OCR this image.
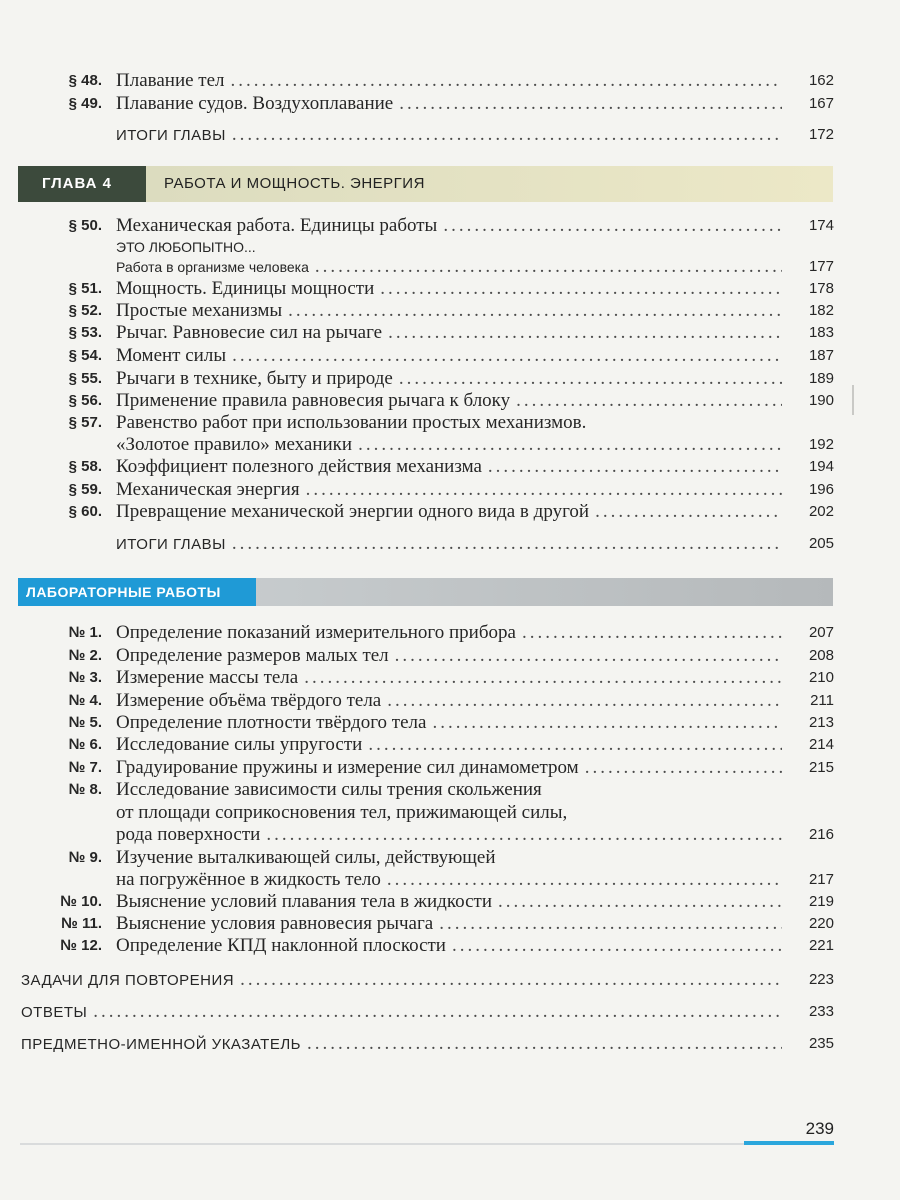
§ 48. Плавание тел .....	162
§ 49. Плавание судов. Воздухоплавание .....	167
ИТОГИ ГЛАВЫ .....	172
ГЛАВА 4	РАБОТА И МОЩНОСТЬ. ЭНЕРГИЯ
§ 50. Механическая работа. Единицы работы .....	174
ЭТО ЛЮБОПЫТНО...
Работа в организме человека .....	177
§ 51. Мощность. Единицы мощности .....	178
§ 52. Простые механизмы .....	182
§ 53. Рычаг. Равновесие сил на рычаге .....	183
§ 54. Момент силы .....	187
§ 55. Рычаги в технике, быту и природе .....	189
§ 56. Применение правила равновесия рычага к блоку .....	190
§ 57. Равенство работ при использовании простых механизмов.
«Золотое правило» механики .....	192
§ 58. Коэффициент полезного действия механизма .....	194
§ 59. Механическая энергия .....	196
§ 60. Превращение механической энергии одного вида в другой .....	202
ИТОГИ ГЛАВЫ .....	205
ЛАБОРАТОРНЫЕ РАБОТЫ
№ 1. Определение показаний измерительного прибора .....	207
№ 2. Определение размеров малых тел .....	208
№ 3. Измерение массы тела .....	210
№ 4. Измерение объёма твёрдого тела .....	211
№ 5. Определение плотности твёрдого тела .....	213
№ 6. Исследование силы упругости .....	214
№ 7. Градуирование пружины и измерение сил динамометром .....	215
№ 8. Исследование зависимости силы трения скольжения
от площади соприкосновения тел, прижимающей силы,
рода поверхности .....	216
№ 9. Изучение выталкивающей силы, действующей
на погружённое в жидкость тело .....	217
№ 10. Выяснение условий плавания тела в жидкости .....	219
№ 11. Выяснение условия равновесия рычага .....	220
№ 12. Определение КПД наклонной плоскости .....	221
ЗАДАЧИ ДЛЯ ПОВТОРЕНИЯ .....	223
ОТВЕТЫ .....	233
ПРЕДМЕТНО-ИМЕННОЙ УКАЗАТЕЛЬ .....	235
239
